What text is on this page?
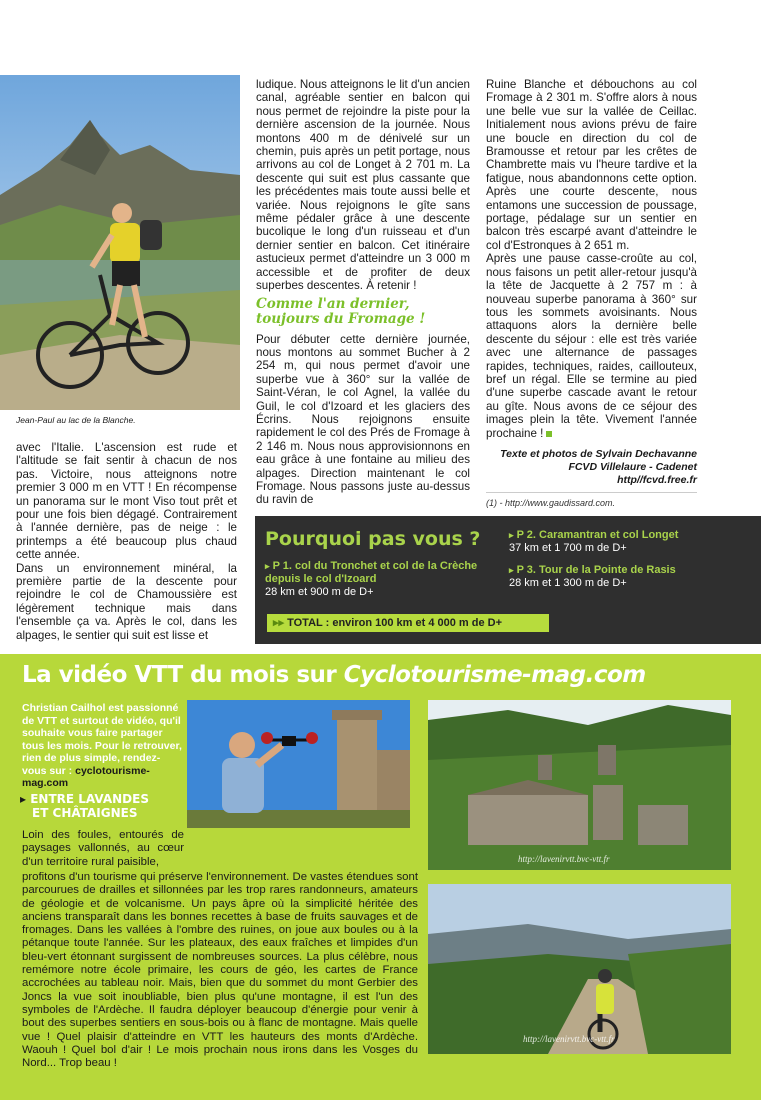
Jean-Paul au lac de la Blanche.

avec l'Italie. L'ascension est rude et l'altitude se fait sentir à chacun de nos pas. Victoire, nous atteignons notre premier 3 000 m en VTT ! En récompense un panorama sur le mont Viso tout prêt et pour une fois bien dégagé. Contrairement à l'année dernière, pas de neige : le printemps a été beaucoup plus chaud cette année.

Dans un environnement minéral, la première partie de la descente pour rejoindre le col de Chamoussière est légèrement technique mais dans l'ensemble ça va. Après le col, dans les alpages, le sentier qui suit est lisse et

ludique. Nous atteignons le lit d'un ancien canal, agréable sentier en balcon qui nous permet de rejoindre la piste pour la dernière ascension de la journée. Nous montons 400 m de dénivelé sur un chemin, puis après un petit portage, nous arrivons au col de Longet à 2 701 m. La descente qui suit est plus cassante que les précédentes mais toute aussi belle et variée. Nous rejoignons le gîte sans même pédaler grâce à une descente bucolique le long d'un ruisseau et d'un dernier sentier en balcon. Cet itinéraire astucieux permet d'atteindre un 3 000 m accessible et de profiter de deux superbes descentes. À retenir !

Comme l'an dernier,
toujours du Fromage !

Pour débuter cette dernière journée, nous montons au sommet Bucher à 2 254 m, qui nous permet d'avoir une superbe vue à 360° sur la vallée de Saint-Véran, le col Agnel, la vallée du Guil, le col d'Izoard et les glaciers des Écrins. Nous rejoignons ensuite rapidement le col des Prés de Fromage à 2 146 m. Nous nous approvisionnons en eau grâce à une fontaine au milieu des alpages. Direction maintenant le col Fromage. Nous passons juste au-dessus du ravin de

Ruine Blanche et débouchons au col Fromage à 2 301 m. S'offre alors à nous une belle vue sur la vallée de Ceillac. Initialement nous avions prévu de faire une boucle en direction du col de Bramousse et retour par les crêtes de Chambrette mais vu l'heure tardive et la fatigue, nous abandonnons cette option. Après une courte descente, nous entamons une succession de poussage, portage, pédalage sur un sentier en balcon très escarpé avant d'atteindre le col d'Estronques à 2 651 m.

Après une pause casse-croûte au col, nous faisons un petit aller-retour jusqu'à la tête de Jacquette à 2 757 m : à nouveau superbe panorama à 360° sur tous les sommets avoisinants. Nous attaquons alors la dernière belle descente du séjour : elle est très variée avec une alternance de passages rapides, techniques, raides, caillouteux, bref un régal. Elle se termine au pied d'une superbe cascade avant le retour au gîte. Nous avons de ce séjour des images plein la tête. Vivement l'année prochaine !

Texte et photos de Sylvain Dechavanne
FCVD Villelaure - Cadenet
http//fcvd.free.fr
(1) - http://www.gaudissard.com.
Pourquoi pas vous ?
▸ P 1. col du Tronchet et col de la Crèche
depuis le col d'Izoard
28 km et 900 m de D+
▸ P 2. Caramantran et col Longet
37 km et 1 700 m de D+
▸ P 3. Tour de la Pointe de Rasis
28 km et 1 300 m de D+
▸▸ TOTAL : environ 100 km et 4 000 m de D+
La vidéo VTT du mois sur Cyclotourisme-mag.com
Christian Cailhol est passionné de VTT et surtout de vidéo, qu'il souhaite vous faire partager tous les mois. Pour le retrouver, rien de plus simple, rendez-vous sur : cyclotourisme-mag.com
▸ ENTRE LAVANDES
ET CHÂTAIGNES
Loin des foules, entourés de paysages vallonnés, au cœur d'un territoire rural paisible,
profitons d'un tourisme qui préserve l'environnement. De vastes étendues sont parcourues de drailles et sillonnées par les trop rares randonneurs, amateurs de géologie et de volcanisme. Un pays âpre où la simplicité héritée des anciens transparaît dans les bonnes recettes à base de fruits sauvages et de fromages. Dans les vallées à l'ombre des ruines, on joue aux boules ou à la pétanque toute l'année. Sur les plateaux, des eaux fraîches et limpides d'un bleu-vert étonnant surgissent de nombreuses sources. La plus célèbre, nous remémore notre école primaire, les cours de géo, les cartes de France accrochées au tableau noir. Mais, bien que du sommet du mont Gerbier des Joncs la vue soit inoubliable, bien plus qu'une montagne, il est l'un des symboles de l'Ardèche. Il faudra déployer beaucoup d'énergie pour venir à bout des superbes sentiers en sous-bois ou à flanc de montagne. Mais quelle vue ! Quel plaisir d'atteindre en VTT les hauteurs des monts d'Ardèche. Waouh ! Quel bol d'air ! Le mois prochain nous irons dans les Vosges du Nord... Trop beau !
http://lavenirvtt.bvc-vtt.fr
http://lavenirvtt.bvc-vtt.fr
